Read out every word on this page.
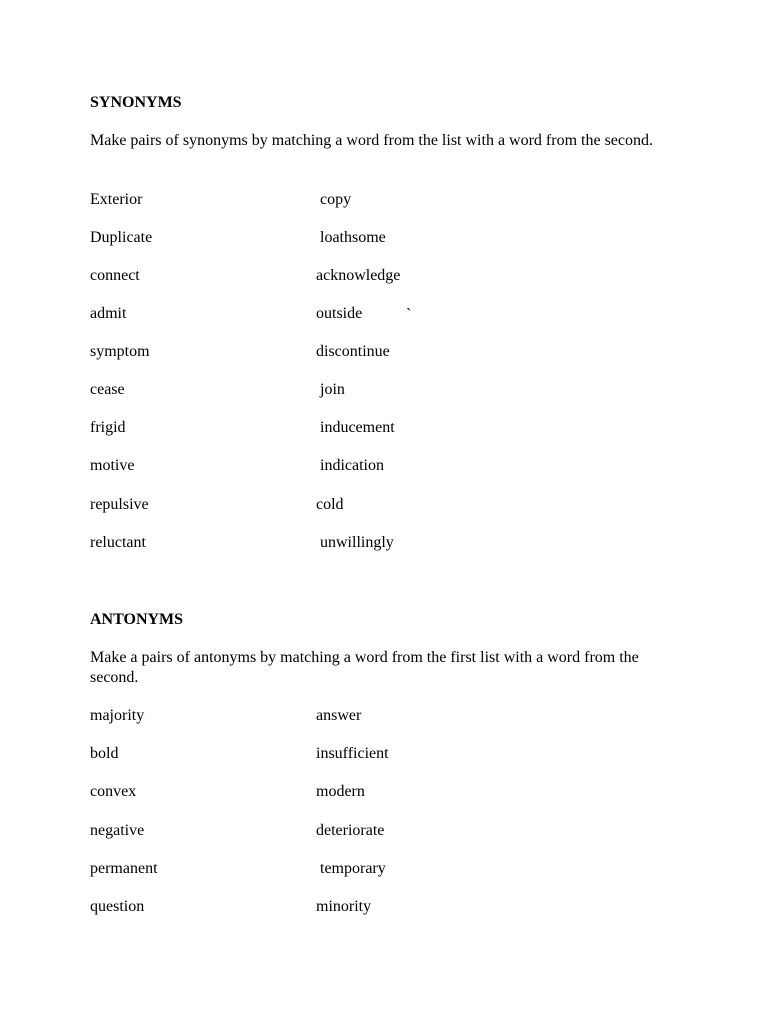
SYNONYMS
Make pairs of synonyms by matching a word from the list with a word from the second.
Exterior	copy
Duplicate	loathsome
connect	acknowledge
admit	outside
symptom	discontinue
cease	join
frigid	inducement
motive	indication
repulsive	cold
reluctant	unwillingly
`
ANTONYMS
Make a pairs of antonyms by matching a word from the first list with a word from the second.
majority	answer
bold	insufficient
convex	modern
negative	deteriorate
permanent	temporary
question	minority
